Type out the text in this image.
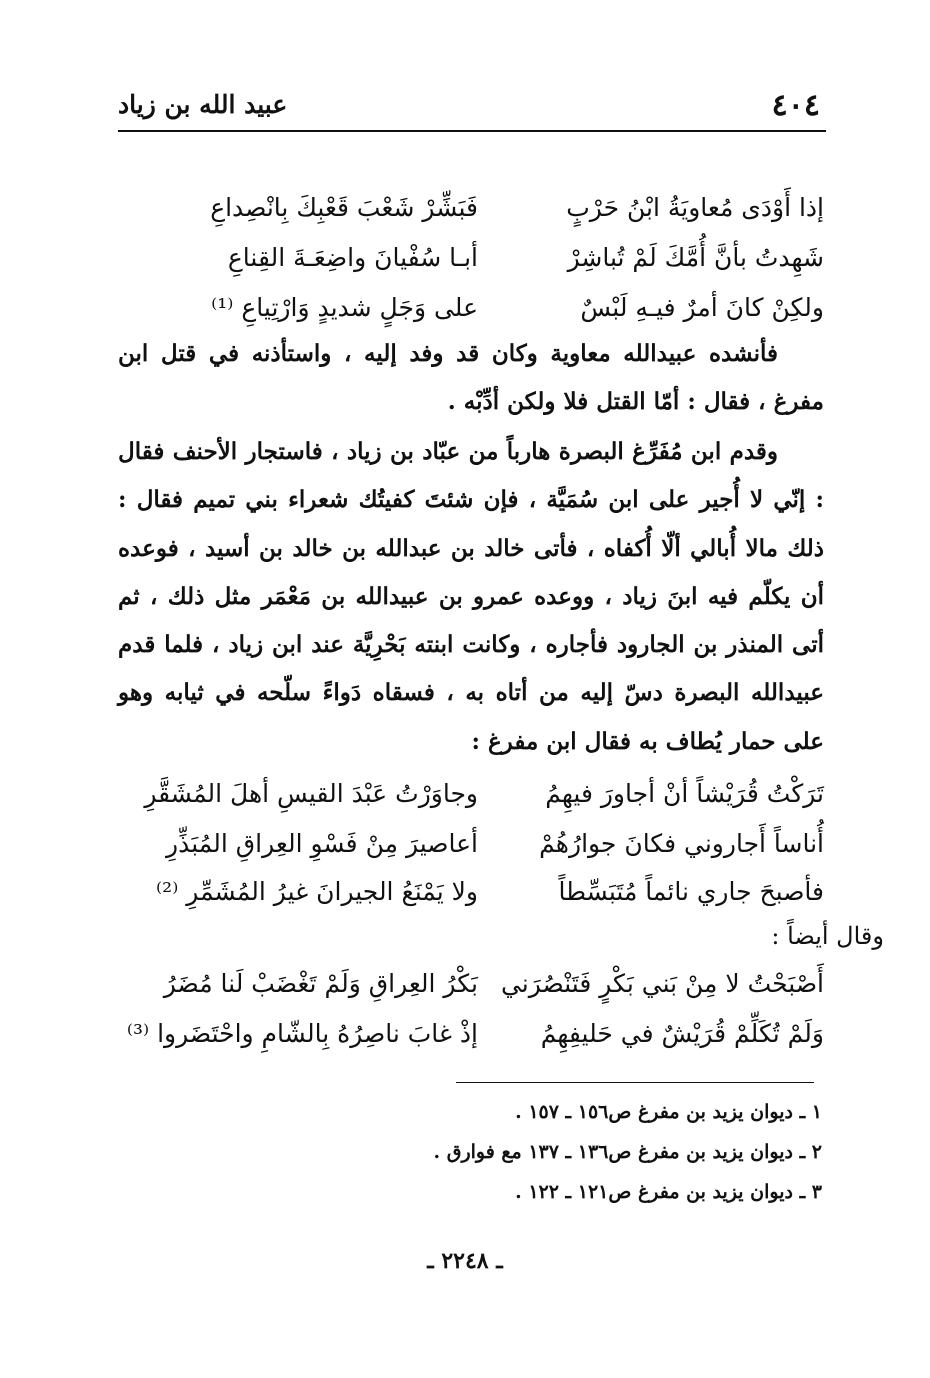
٤٠٤
عبيد الله بن زياد
إذا أَوْدَى مُعاويَةُ ابْنُ حَرْبٍ
فَبَشِّرْ شَعْبَ قَعْبِكَ بِانْصِداعِ
شَهِدتُ بأنَّ أُمَّكَ لَمْ تُباشِرْ
أبـا سُفْيانَ واضِعَـةَ القِناعِ
ولكِنْ كانَ أمرٌ فيـهِ لَبْسٌ
على وَجَلٍ شديدٍ وَارْتِياعِ ⁽¹⁾
فأنشده عبيدالله معاوية وكان قد وفد إليه ، واستأذنه في قتل ابن مفرغ ، فقال : أمّا القتل فلا ولكن أدِّبْه .
وقدم ابن مُفَرِّغ البصرة هارباً من عبّاد بن زياد ، فاستجار الأحنف فقال : إنّي لا أُجير على ابن سُمَيَّة ، فإن شئتَ كفيتُك شعراء بني تميم فقال : ذلك مالا أُبالي ألّا أُكفاه ، فأتى خالد بن عبدالله بن خالد بن أسيد ، فوعده أن يكلّم فيه ابنَ زياد ، ووعده عمرو بن عبيدالله بن مَعْمَر مثل ذلك ، ثم أتى المنذر بن الجارود فأجاره ، وكانت ابنته بَحْرِيَّة عند ابن زياد ، فلما قدم عبيدالله البصرة دسّ إليه من أتاه به ، فسقاه دَواءً سلّحه في ثيابه وهو على حمار يُطاف به فقال ابن مفرغ :
تَرَكْتُ قُرَيْشاً أنْ أجاورَ فيهِمُ
وجاوَرْتُ عَبْدَ القيسِ أهلَ المُشَقَّرِ
أُناساً أَجاروني فكانَ جوارُهُمْ
أعاصيرَ مِنْ فَسْوِ العِراقِ المُبَذِّرِ
فأصبحَ جاري نائماً مُتَبَسِّطاً
ولا يَمْنَعُ الجيرانَ غيرُ المُشَمِّرِ ⁽²⁾
وقال أيضاً :
أَصْبَحْتُ لا مِنْ بَني بَكْرٍ فَتَنْصُرَني
بَكْرُ العِراقِ وَلَمْ تَغْضَبْ لَنا مُضَرُ
وَلَمْ تُكَلِّمْ قُرَيْشٌ في حَليفِهِمُ
إذْ غابَ ناصِرُهُ بِالشّامِ واحْتَضَروا ⁽³⁾
١ ـ ديوان يزيد بن مفرغ ص١٥٦ ـ ١٥٧ .
٢ ـ ديوان يزيد بن مفرغ ص١٣٦ ـ ١٣٧ مع فوارق .
٣ ـ ديوان يزيد بن مفرغ ص١٢١ ـ ١٢٢ .
ـ ٢٢٤٨ ـ
